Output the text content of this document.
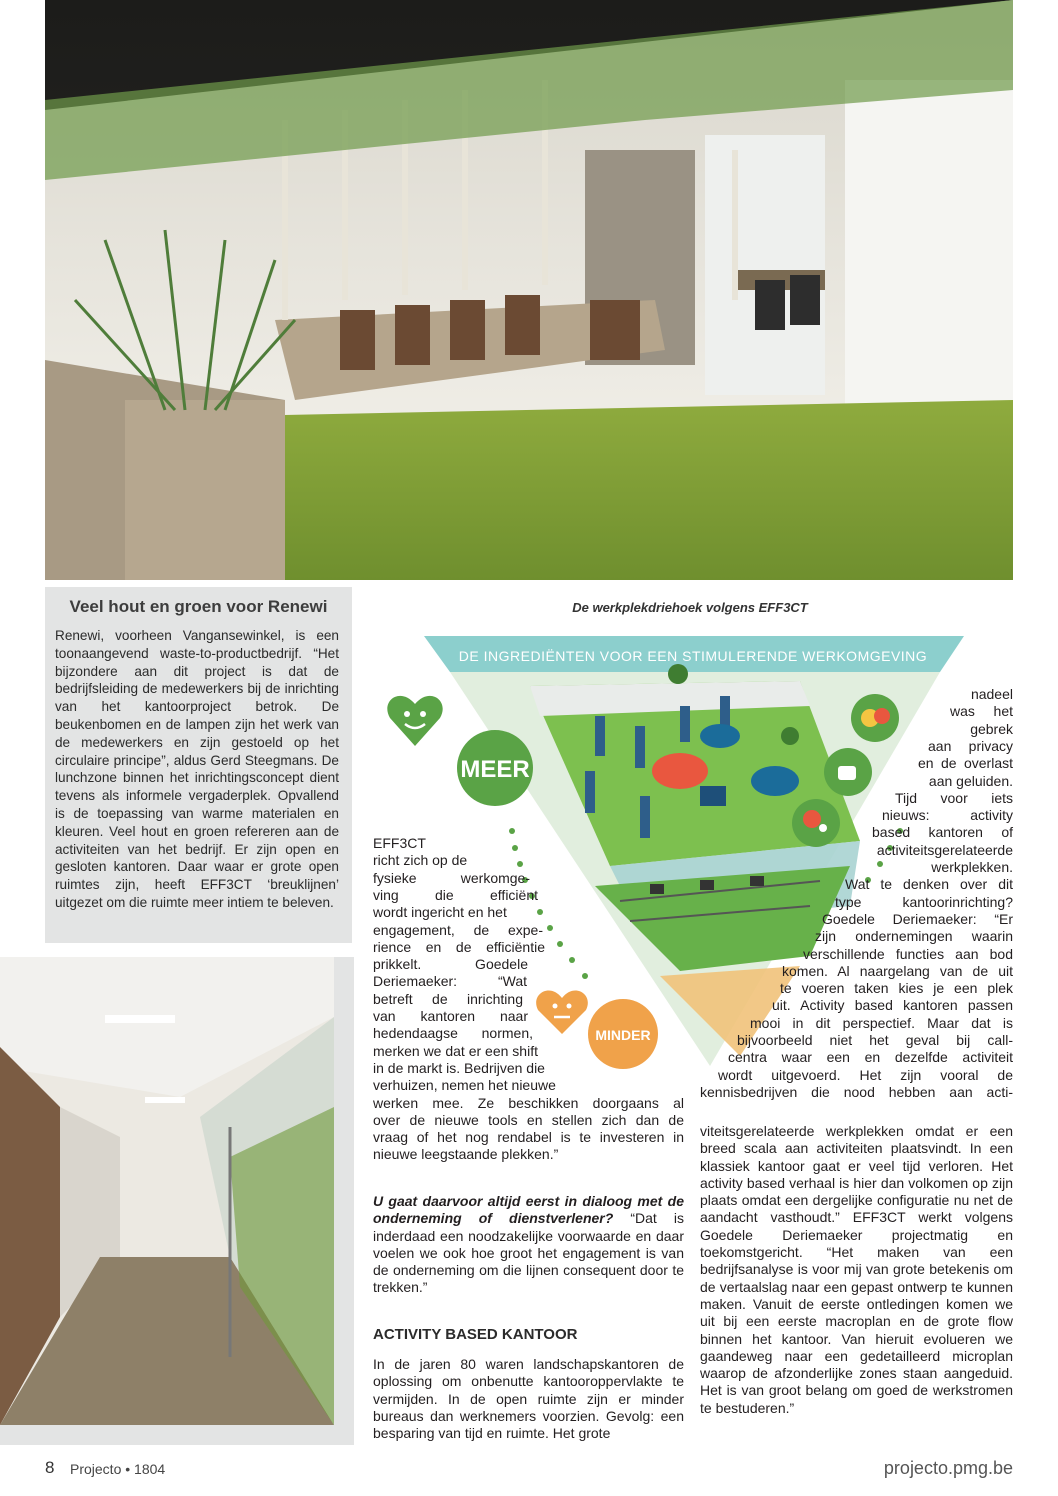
Veel hout en groen voor Renewi
Renewi, voorheen Vangansewinkel, is een toonaangevend waste-to-productbedrijf. “Het bijzondere aan dit project is dat de bedrijfsleiding de medewerkers bij de inrichting van het kantoorproject betrok. De beukenbomen en de lampen zijn het werk van de medewerkers en zijn gestoeld op het circulaire principe”, aldus Gerd Steegmans. De lunchzone binnen het inrichtingsconcept dient tevens als informele vergaderplek. Opvallend is de toepassing van warme materialen en kleuren. Veel hout en groen refereren aan de activiteiten van het bedrijf. Er zijn open en gesloten kantoren. Daar waar er grote open ruimtes zijn, heeft EFF3CT ‘breuklijnen’ uitgezet om die ruimte meer intiem te beleven.
De werkplekdriehoek volgens EFF3CT
DE INGREDIËNTEN VOOR EEN STIMULERENDE WERKOMGEVING
MEER
MINDER
EFF3CT
richt zich op de
fysieke werkomge-
ving die efficiënt
wordt ingericht en het
engagement, de expe-
rience en de efficiëntie
prikkelt. Goedele
Deriemaeker: “Wat
betreft de inrichting
van kantoren naar
hedendaagse normen,
merken we dat er een shift
in de markt is. Bedrijven die
verhuizen, nemen het nieuwe
werken mee. Ze beschikken doorgaans al
over de nieuwe tools en stellen zich dan de
vraag of het nog rendabel is te investeren in
nieuwe leegstaande plekken.”
nadeel
was het
gebrek
aan privacy
en de overlast
aan geluiden.
Tijd voor iets
nieuws: activity
based kantoren of
activiteitsgerelateerde
werkplekken.
Wat te denken over dit
type kantoorinrichting?
Goedele Deriemaeker: “Er
zijn ondernemingen waarin
verschillende functies aan bod
komen. Al naargelang van de uit
te voeren taken kies je een plek
uit. Activity based kantoren passen
mooi in dit perspectief. Maar dat is
bijvoorbeeld niet het geval bij call-
centra waar een en dezelfde activiteit
wordt uitgevoerd. Het zijn vooral de
kennisbedrijven die nood hebben aan acti-

U gaat daarvoor altijd eerst in dialoog met de onderneming of dienstverlener? “Dat is inderdaad een noodzakelijke voorwaarde en daar voelen we ook hoe groot het engagement is van de onderneming om die lijnen consequent door te trekken.”

ACTIVITY BASED KANTOOR
In de jaren 80 waren landschapskantoren de oplossing om onbenutte kantooroppervlakte te vermijden. In de open ruimte zijn er minder bureaus dan werknemers voorzien. Gevolg: een besparing van tijd en ruimte. Het grote
viteitsgerelateerde werkplekken omdat er een breed scala aan activiteiten plaatsvindt. In een klassiek kantoor gaat er veel tijd verloren. Het activity based verhaal is hier dan volkomen op zijn plaats omdat een dergelijke configuratie nu net de aandacht vasthoudt.” EFF3CT werkt volgens Goedele Deriemaeker projectmatig en toekomstgericht. “Het maken van een bedrijfsanalyse is voor mij van grote betekenis om de vertaalslag naar een gepast ontwerp te kunnen maken. Vanuit de eerste ontledingen komen we uit bij een eerste macroplan en de grote flow binnen het kantoor. Van hieruit evolueren we gaandeweg naar een gedetailleerd microplan waarop de afzonderlijke zones staan aangeduid. Het is van groot belang om goed de werkstromen te bestuderen.”
8 Projecto • 1804	projecto.pmg.be
